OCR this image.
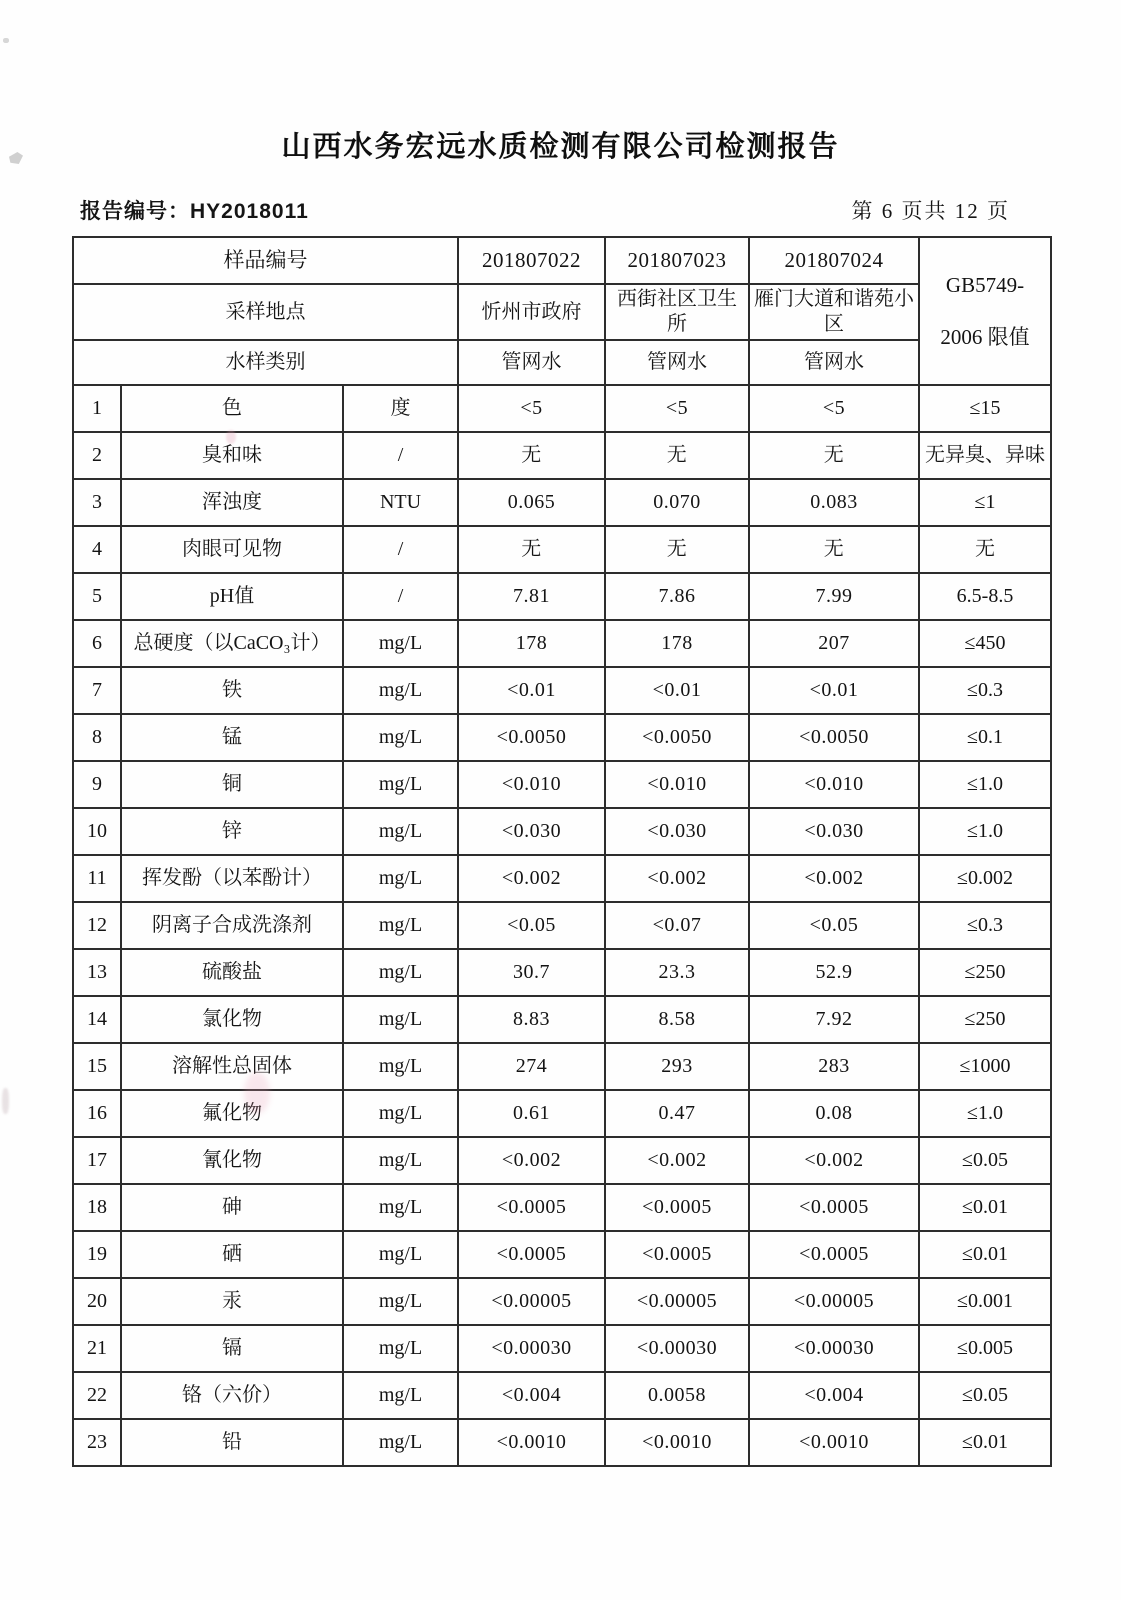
山西水务宏远水质检测有限公司检测报告
报告编号：HY2018011	第 6 页共 12 页
样品编号			201807022	201807023	201807024	GB5749-
2006 限值

采样地点			忻州市政府	西街社区卫生所	雁门大道和谐苑小区	
水样类别			管网水	管网水	管网水	
1	色	度	<5	<5	<5	≤15
2	臭和味	/	无	无	无	无异臭、异味
3	浑浊度	NTU	0.065	0.070	0.083	≤1
4	肉眼可见物	/	无	无	无	无
5	pH值	/	7.81	7.86	7.99	6.5-8.5
6	总硬度（以CaCO₃计）	mg/L	178	178	207	≤450
7	铁	mg/L	<0.01	<0.01	<0.01	≤0.3
8	锰	mg/L	<0.0050	<0.0050	<0.0050	≤0.1
9	铜	mg/L	<0.010	<0.010	<0.010	≤1.0
10	锌	mg/L	<0.030	<0.030	<0.030	≤1.0
11	挥发酚（以苯酚计）	mg/L	<0.002	<0.002	<0.002	≤0.002
12	阴离子合成洗涤剂	mg/L	<0.05	<0.07	<0.05	≤0.3
13	硫酸盐	mg/L	30.7	23.3	52.9	≤250
14	氯化物	mg/L	8.83	8.58	7.92	≤250
15	溶解性总固体	mg/L	274	293	283	≤1000
16	氟化物	mg/L	0.61	0.47	0.08	≤1.0
17	氰化物	mg/L	<0.002	<0.002	<0.002	≤0.05
18	砷	mg/L	<0.0005	<0.0005	<0.0005	≤0.01
19	硒	mg/L	<0.0005	<0.0005	<0.0005	≤0.01
20	汞	mg/L	<0.00005	<0.00005	<0.00005	≤0.001
21	镉	mg/L	<0.00030	<0.00030	<0.00030	≤0.005
22	铬（六价）	mg/L	<0.004	0.0058	<0.004	≤0.05
23	铅	mg/L	<0.0010	<0.0010	<0.0010	≤0.01
